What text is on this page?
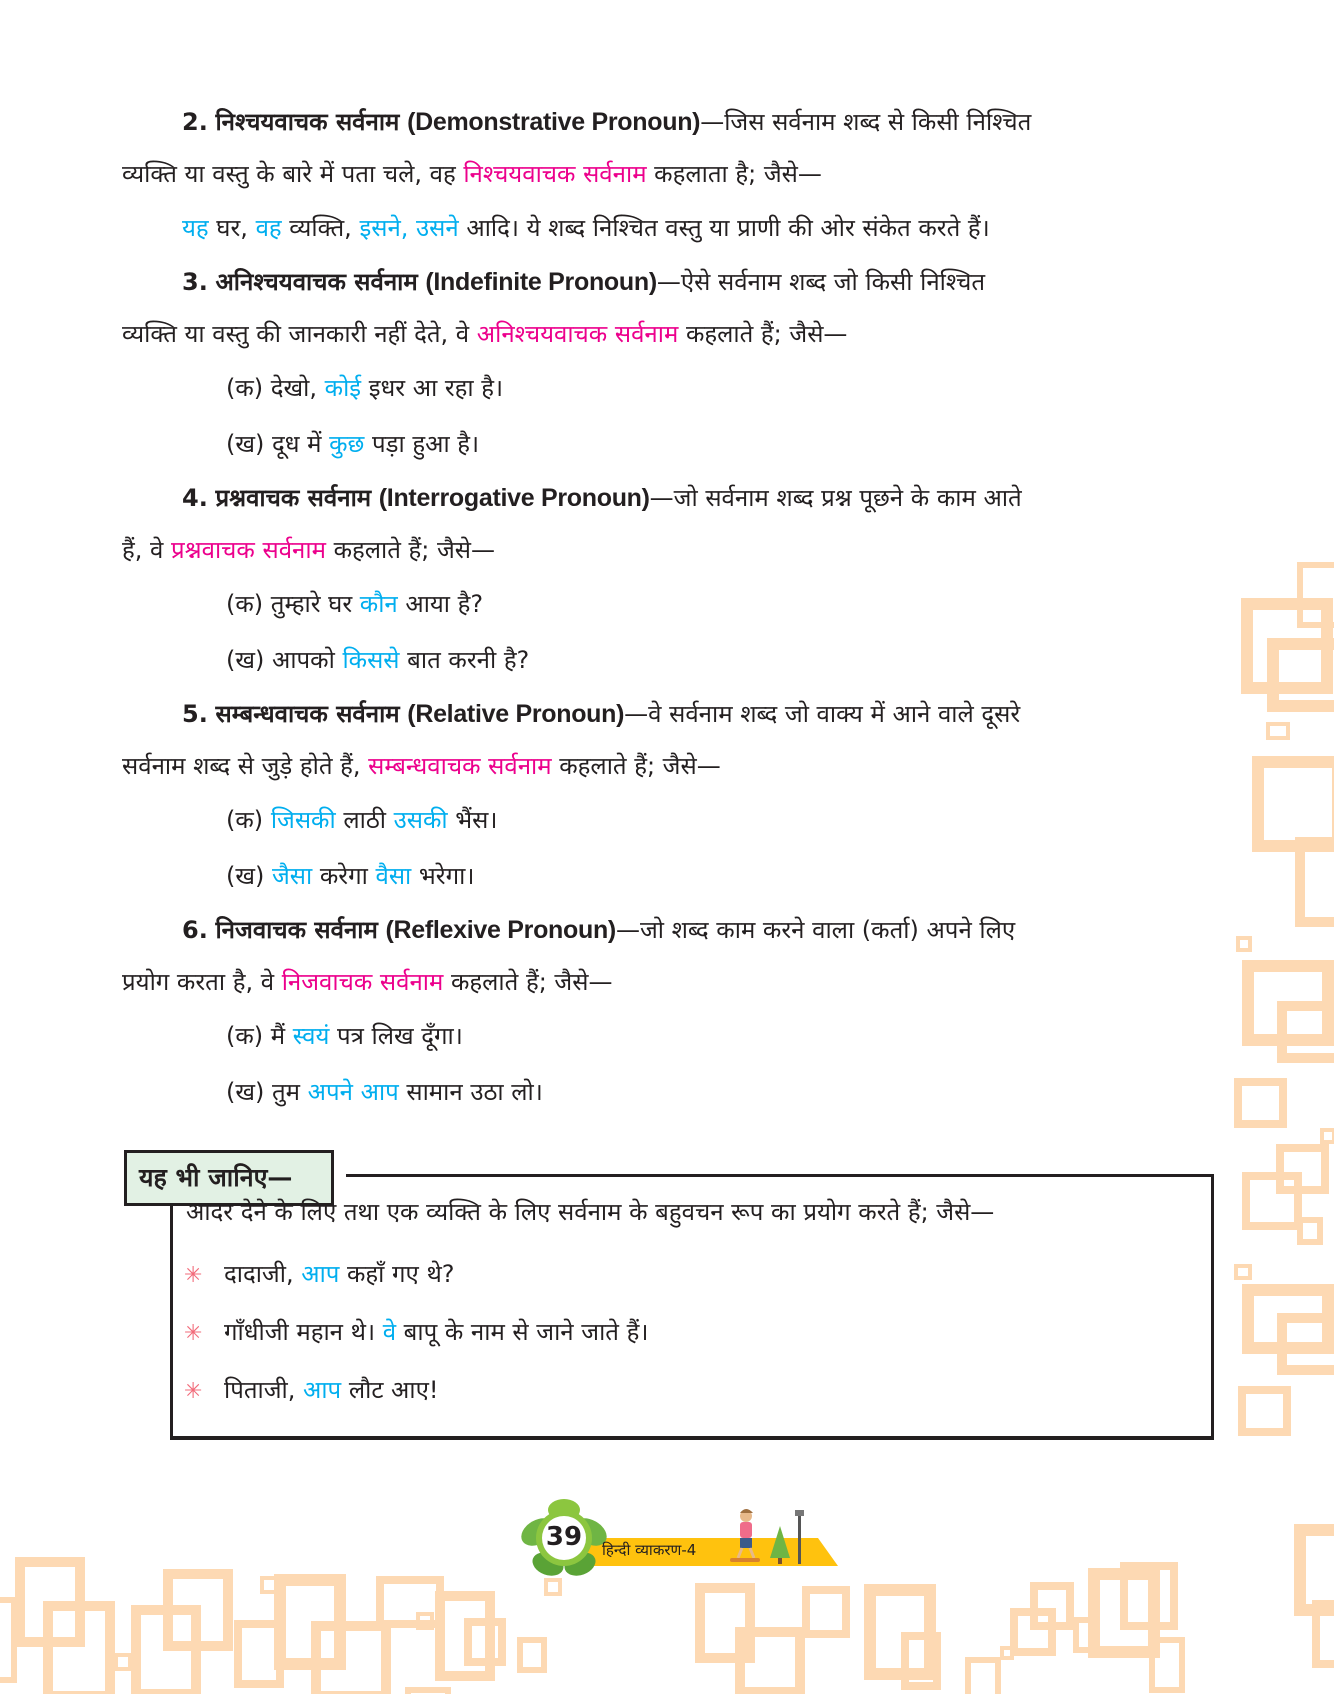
2. निश्चयवाचक सर्वनाम (Demonstrative Pronoun)—जिस सर्वनाम शब्द से किसी निश्चित
व्यक्ति या वस्तु के बारे में पता चले, वह निश्चयवाचक सर्वनाम कहलाता है; जैसे—

यह घर, वह व्यक्ति, इसने, उसने आदि। ये शब्द निश्चित वस्तु या प्राणी की ओर संकेत करते हैं।

3. अनिश्चयवाचक सर्वनाम (Indefinite Pronoun)—ऐसे सर्वनाम शब्द जो किसी निश्चित
व्यक्ति या वस्तु की जानकारी नहीं देते, वे अनिश्चयवाचक सर्वनाम कहलाते हैं; जैसे—

(क) देखो, कोई इधर आ रहा है।

(ख) दूध में कुछ पड़ा हुआ है।

4. प्रश्नवाचक सर्वनाम (Interrogative Pronoun)—जो सर्वनाम शब्द प्रश्न पूछने के काम आते
हैं, वे प्रश्नवाचक सर्वनाम कहलाते हैं; जैसे—

(क) तुम्हारे घर कौन आया है?

(ख) आपको किससे बात करनी है?

5. सम्बन्धवाचक सर्वनाम (Relative Pronoun)—वे सर्वनाम शब्द जो वाक्य में आने वाले दूसरे
सर्वनाम शब्द से जुड़े होते हैं, सम्बन्धवाचक सर्वनाम कहलाते हैं; जैसे—

(क) जिसकी लाठी उसकी भैंस।

(ख) जैसा करेगा वैसा भरेगा।

6. निजवाचक सर्वनाम (Reflexive Pronoun)—जो शब्द काम करने वाला (कर्ता) अपने लिए
प्रयोग करता है, वे निजवाचक सर्वनाम कहलाते हैं; जैसे—

(क) मैं स्वयं पत्र लिख दूँगा।

(ख) तुम अपने आप सामान उठा लो।

यह भी जानिए—
आदर देने के लिए तथा एक व्यक्ति के लिए सर्वनाम के बहुवचन रूप का प्रयोग करते हैं; जैसे—
✳ दादाजी, आप कहाँ गए थे?
✳ गाँधीजी महान थे। वे बापू के नाम से जाने जाते हैं।
✳ पिताजी, आप लौट आए!
39	हिन्दी व्याकरण-4
